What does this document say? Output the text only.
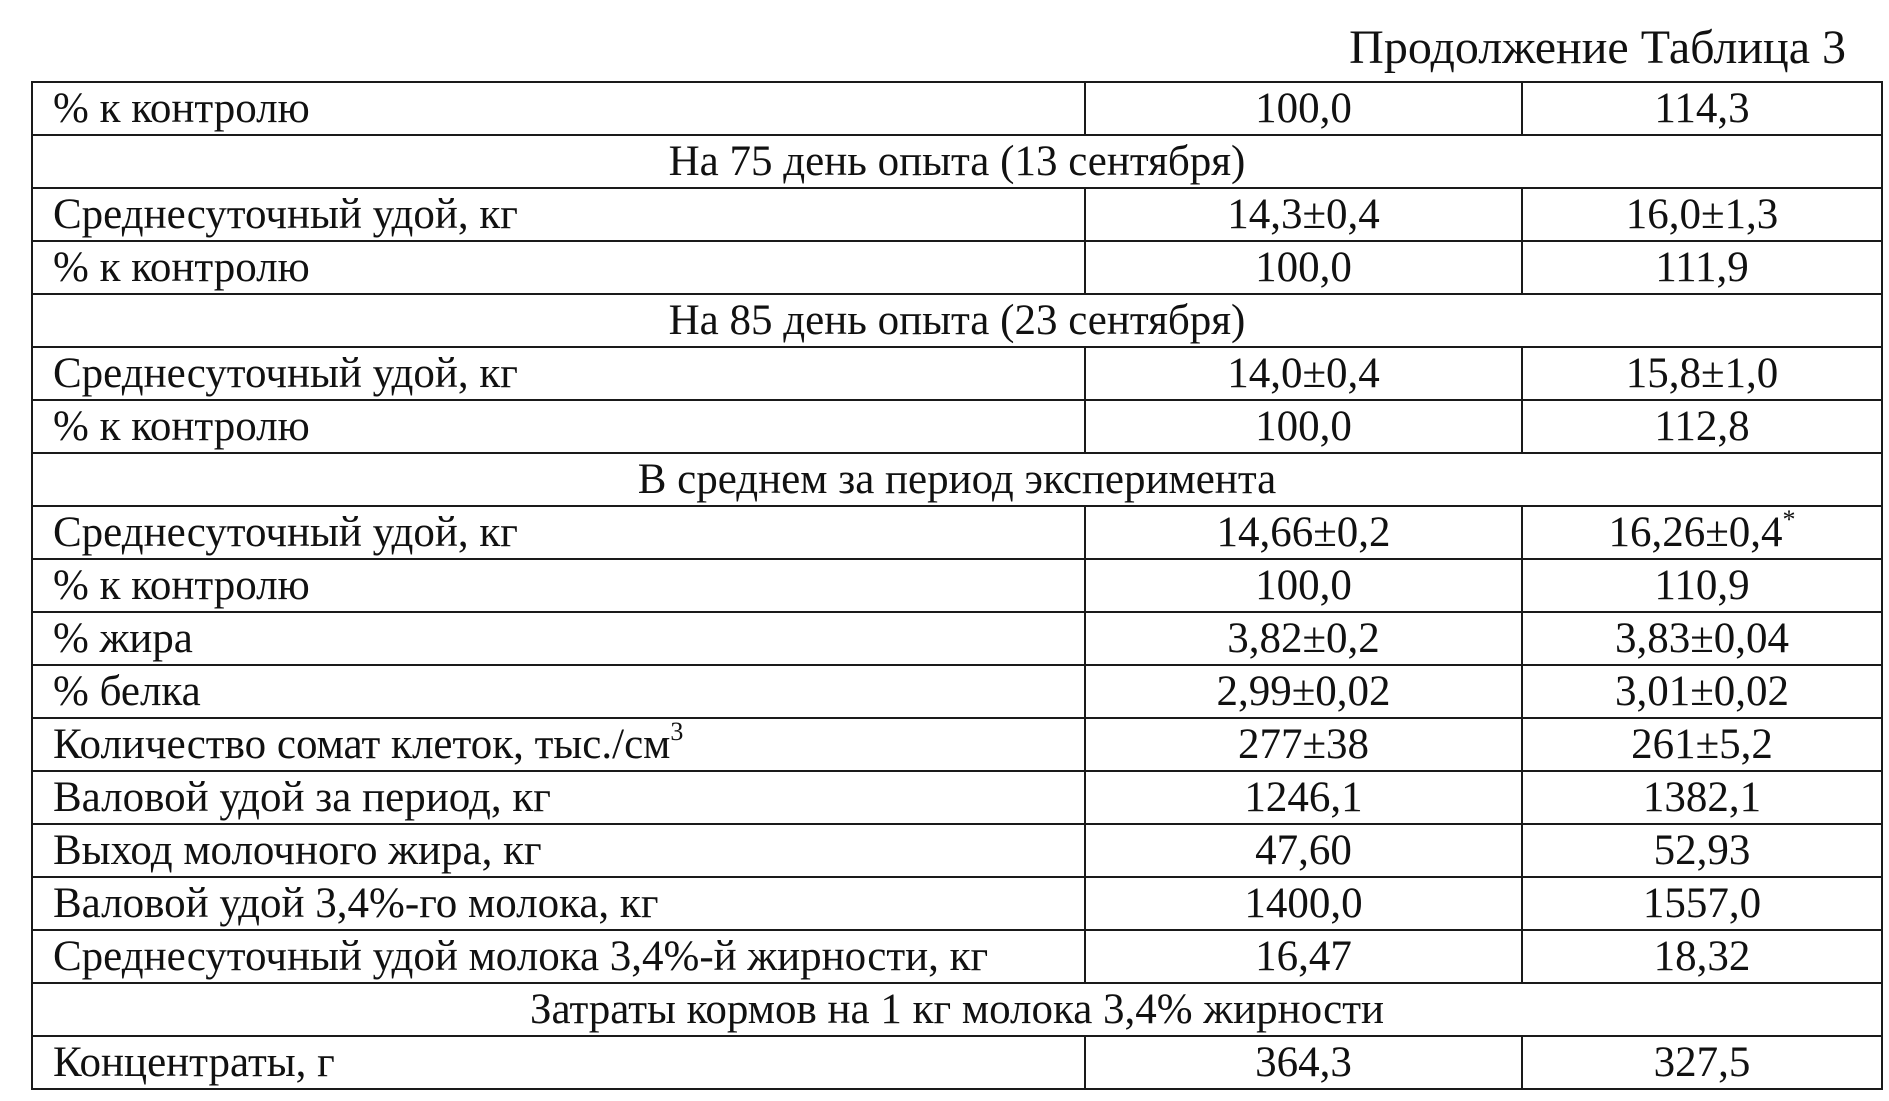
Продолжение Таблица 3
% к контролю	100,0	114,3
На 75 день опыта (13 сентября)		
Среднесуточный удой, кг	14,3±0,4	16,0±1,3
% к контролю	100,0	111,9
На 85 день опыта (23 сентября)		
Среднесуточный удой, кг	14,0±0,4	15,8±1,0
% к контролю	100,0	112,8
В среднем за период эксперимента		
Среднесуточный удой, кг	14,66±0,2	16,26±0,4*
% к контролю	100,0	110,9
% жира	3,82±0,2	3,83±0,04
% белка	2,99±0,02	3,01±0,02
Количество сомат клеток, $тыс./см^3$	277±38	261±5,2
Валовой удой за период, кг	1246,1	1382,1
Выход молочного жира, кг	47,60	52,93
Валовой удой 3,4%-го молока, кг	1400,0	1557,0
Среднесуточный удой молока 3,4%-й жирности, кг	16,47	18,32
Затраты кормов на 1 кг молока 3,4% жирности		
Концентраты, г	364,3	327,5
